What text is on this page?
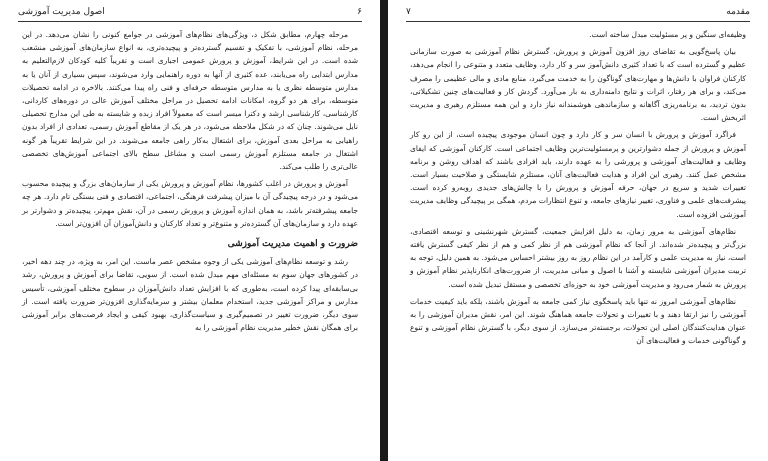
۶
اصول مدیریت آموزشی

مرحله چهارم، مطابق شکل د، ویژگی‌های نظام‌های آموزشی در جوامع کنونی را نشان می‌دهد. در این مرحله، نظام آموزشی، با تفکیک و تقسیم گسترده‌تر و پیچیده‌تری، به انواع سازمان‌های آموزشی منشعب شده است. در این شرایط، آموزش و پرورش عمومی اجباری است و تقریباً کلیه کودکان لازم‌التعلیم به مدارس ابتدایی راه می‌یابند، عده کثیری از آنها به دوره راهنمایی وارد می‌شوند، سپس بسیاری از آنان یا به مدارس متوسطه نظری یا به مدارس متوسطه حرفه‌ای و فنی راه پیدا می‌کنند. بالاخره در ادامه تحصیلات متوسطه، برای هر دو گروه، امکانات ادامه تحصیل در مراحل مختلف آموزش عالی در دوره‌های کاردانی، کارشناسی، کارشناسی ارشد و دکترا میسر است که معمولاً افراد زبده و شایسته به طی این مدارج تحصیلی نایل می‌شوند. چنان که در شکل ملاحظه می‌شود، در هر یک از مقاطع آموزش رسمی، تعدادی از افراد بدون راهیابی به مراحل بعدی آموزش، برای اشتغال به‌کار راهی جامعه می‌شوند. در این شرایط تقریباً هر گونه اشتغال در جامعه مستلزم آموزش رسمی است و مشاغل سطح بالای اجتماعی آموزش‌های تخصصی عالی‌تری را طلب می‌کند.

آموزش و پرورش در اغلب کشورها، نظام آموزش و پرورش یکی از سازمان‌های بزرگ و پیچیده محسوب می‌شود و در درجه پیچیدگی آن با میزان پیشرفت فرهنگی، اجتماعی، اقتصادی و فنی بستگی تام دارد. هر چه جامعه پیشرفته‌تر باشد، به همان اندازه آموزش و پرورش رسمی در آن، نقش مهم‌تر، پیچیده‌تر و دشوارتر بر عهده دارد و سازمان‌های آن گسترده‌تر و متنوع‌تر و تعداد کارکنان و دانش‌آموزان آن افزون‌تر است.

ضرورت و اهمیت مدیریت آموزشی

رشد و توسعه نظام‌های آموزشی یکی از وجوه مشخص عصر ماست. این امر، به ویژه، در چند دهه اخیر، در کشورهای جهان سوم به مسئله‌ای مهم مبدل شده است. از سویی، تقاضا برای آموزش و پرورش، رشد بی‌سابقه‌ای پیدا کرده است، به‌طوری که با افزایش تعداد دانش‌آموزان در سطوح مختلف آموزشی، تأسیس مدارس و مراکز آموزشی جدید، استخدام معلمان بیشتر و سرمایه‌گذاری افزون‌تر ضرورت یافته است. از سوی دیگر، ضرورت تغییر در تصمیم‌گیری و سیاست‌گذاری، بهبود کیفی و ایجاد فرصت‌های برابر آموزشی برای همگان نقش خطیر مدیریت نظام آموزشی را به

مقدمه
۷

وظیفه‌ای سنگین و پر مسئولیت مبدل ساخته است.

بیان پاسخ‌گویی به تقاضای روز افزون آموزش و پرورش، گسترش نظام آموزشی به صورت سازمانی عظیم و گسترده است که با تعداد کثیری دانش‌آموز سر و کار دارد، وظایف متعدد و متنوعی را انجام می‌دهد، کارکنان فراوان با دانش‌ها و مهارت‌های گوناگون را به خدمت می‌گیرد، منابع مادی و مالی عظیمی را مصرف می‌کند، و برای هر رفتار، اثرات و نتایج دامنه‌داری به بار می‌آورد. گردش کار و فعالیت‌های چنین تشکیلاتی، بدون تردید، به برنامه‌ریزی آگاهانه و سازماندهی هوشمندانه نیاز دارد و این همه مستلزم رهبری و مدیریت اثربخش است.

فراگرد آموزش و پرورش با انسان سر و کار دارد و چون انسان موجودی پیچیده است، از این رو کار آموزش و پرورش از جمله دشوارترین و پرمسئولیت‌ترین وظایف اجتماعی است. کارکنان آموزشی که ایفای وظایف و فعالیت‌های آموزشی و پرورشی را به عهده دارند، باید افرادی باشند که اهداف روشن و برنامه مشخص عمل کنند. رهبری این افراد و هدایت فعالیت‌های آنان، مستلزم شایستگی و صلاحیت بسیار است. تغییرات شدید و سریع در جهان، حرفه آموزش و پرورش را با چالش‌های جدیدی روبه‌رو کرده است. پیشرفت‌های علمی و فناوری، تغییر نیازهای جامعه، و تنوع انتظارات مردم، همگی بر پیچیدگی وظایف مدیریت آموزشی افزوده است.

نظام‌های آموزشی به مرور زمان، به دلیل افزایش جمعیت، گسترش شهرنشینی و توسعه اقتصادی، بزرگ‌تر و پیچیده‌تر شده‌اند. از آنجا که نظام آموزشی هم از نظر کمی و هم از نظر کیفی گسترش یافته است، نیاز به مدیریت علمی و کارآمد در این نظام روز به روز بیشتر احساس می‌شود. به همین دلیل، توجه به تربیت مدیران آموزشی شایسته و آشنا با اصول و مبانی مدیریت، از ضرورت‌های انکارناپذیر نظام آموزش و پرورش به شمار می‌رود و مدیریت آموزشی خود به حوزه‌ای تخصصی و مستقل تبدیل شده است.

نظام‌های آموزشی امروز نه تنها باید پاسخگوی نیاز کمی جامعه به آموزش باشند، بلکه باید کیفیت خدمات آموزشی را نیز ارتقا دهند و با تغییرات و تحولات جامعه هماهنگ شوند. این امر، نقش مدیران آموزشی را به عنوان هدایت‌کنندگان اصلی این تحولات، برجسته‌تر می‌سازد. از سوی دیگر، با گسترش نظام آموزشی و تنوع و گوناگونی خدمات و فعالیت‌های آن
